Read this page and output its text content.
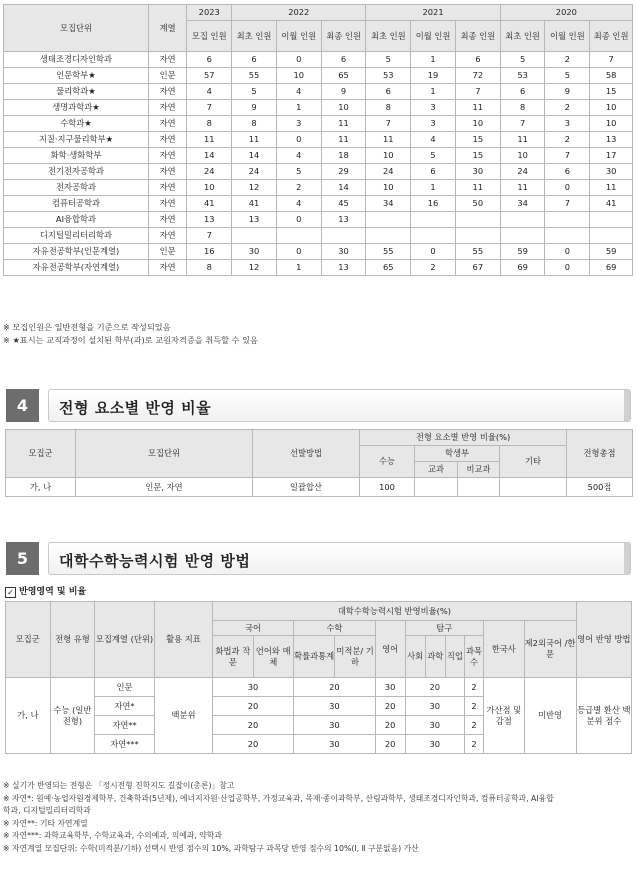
모집단위	계열	2023	2022			2021			2020		
		모집 인원	최초 인원	이월 인원	최종 인원	최초 인원	이월 인원	최종 인원	최초 인원	이월 인원	최종 인원
생태조경디자인학과	자연	6	6	0	6	5	1	6	5	2	7
인문학부★	인문	57	55	10	65	53	19	72	53	5	58
물리학과★	자연	4	5	4	9	6	1	7	6	9	15
생명과학과★	자연	7	9	1	10	8	3	11	8	2	10
수학과★	자연	8	8	3	11	7	3	10	7	3	10
지질·지구물리학부★	자연	11	11	0	11	11	4	15	11	2	13
화학·생화학부	자연	14	14	4	18	10	5	15	10	7	17
전기전자공학과	자연	24	24	5	29	24	6	30	24	6	30
전자공학과	자연	10	12	2	14	10	1	11	11	0	11
컴퓨터공학과	자연	41	41	4	45	34	16	50	34	7	41
AI융합학과	자연	13	13	0	13						
디지털밀리터리학과	자연	7									
자유전공학부(인문계열)	인문	16	30	0	30	55	0	55	59	0	59
자유전공학부(자연계열)	자연	8	12	1	13	65	2	67	69	0	69
※ 모집인원은 일반전형을 기준으로 작성되었음
※ ★표시는 교직과정이 설치된 학부(과)로 교원자격증을 취득할 수 있음
4	전형 요소별 반영 비율
모집군	모집단위	선발방법	전형 요소별 반영 비율(%)				전형총점
			수능	학생부		기타	
				교과	비교과		
가, 나	인문, 자연	일괄합산	100				500점
5	대학수학능력시험 반영 방법
✓ 반영영역 및 비율
모집군	전형 유형	모집계열 (단위)	활용 지표	대학수학능력시험 반영비율(%)											영어 반영 방법
				국어		수학		영어	탐구				한국사	제2외국어 /한문	
				화법과 작문	언어와 매체	확률과통계	미적분/ 기하		사회	과학	직업	과목수			
가, 나	수능 (일반 전형)	인문	백분위	30		20		30	20			2	가산점 및 감점	미반영	등급별 환산 백분위 점수
		자연*		20		30		20	30			2			
		자연**		20		30		20	30			2			
		자연***		20		30		20	30			2			
※ 실기가 반영되는 전형은 「정시전형 진학지도 길잡이(총론)」참고
※ 자연*: 원예·농업자원경제학부, 건축학과(5년제), 에너지자원·산업공학부, 가정교육과, 목재·종이과학부, 산림과학부, 생태조경디자인학과, 컴퓨터공학과, AI융합
학과, 디지털밀리터리학과
※ 자연**: 기타 자연계열
※ 자연***: 과학교육학부, 수학교육과, 수의예과, 의예과, 약학과
※ 자연계열 모집단위: 수학(미적분/기하) 선택시 반영 점수의 10%, 과학탐구 과목당 반영 점수의 10%(Ⅰ, Ⅱ 구분없음) 가산
